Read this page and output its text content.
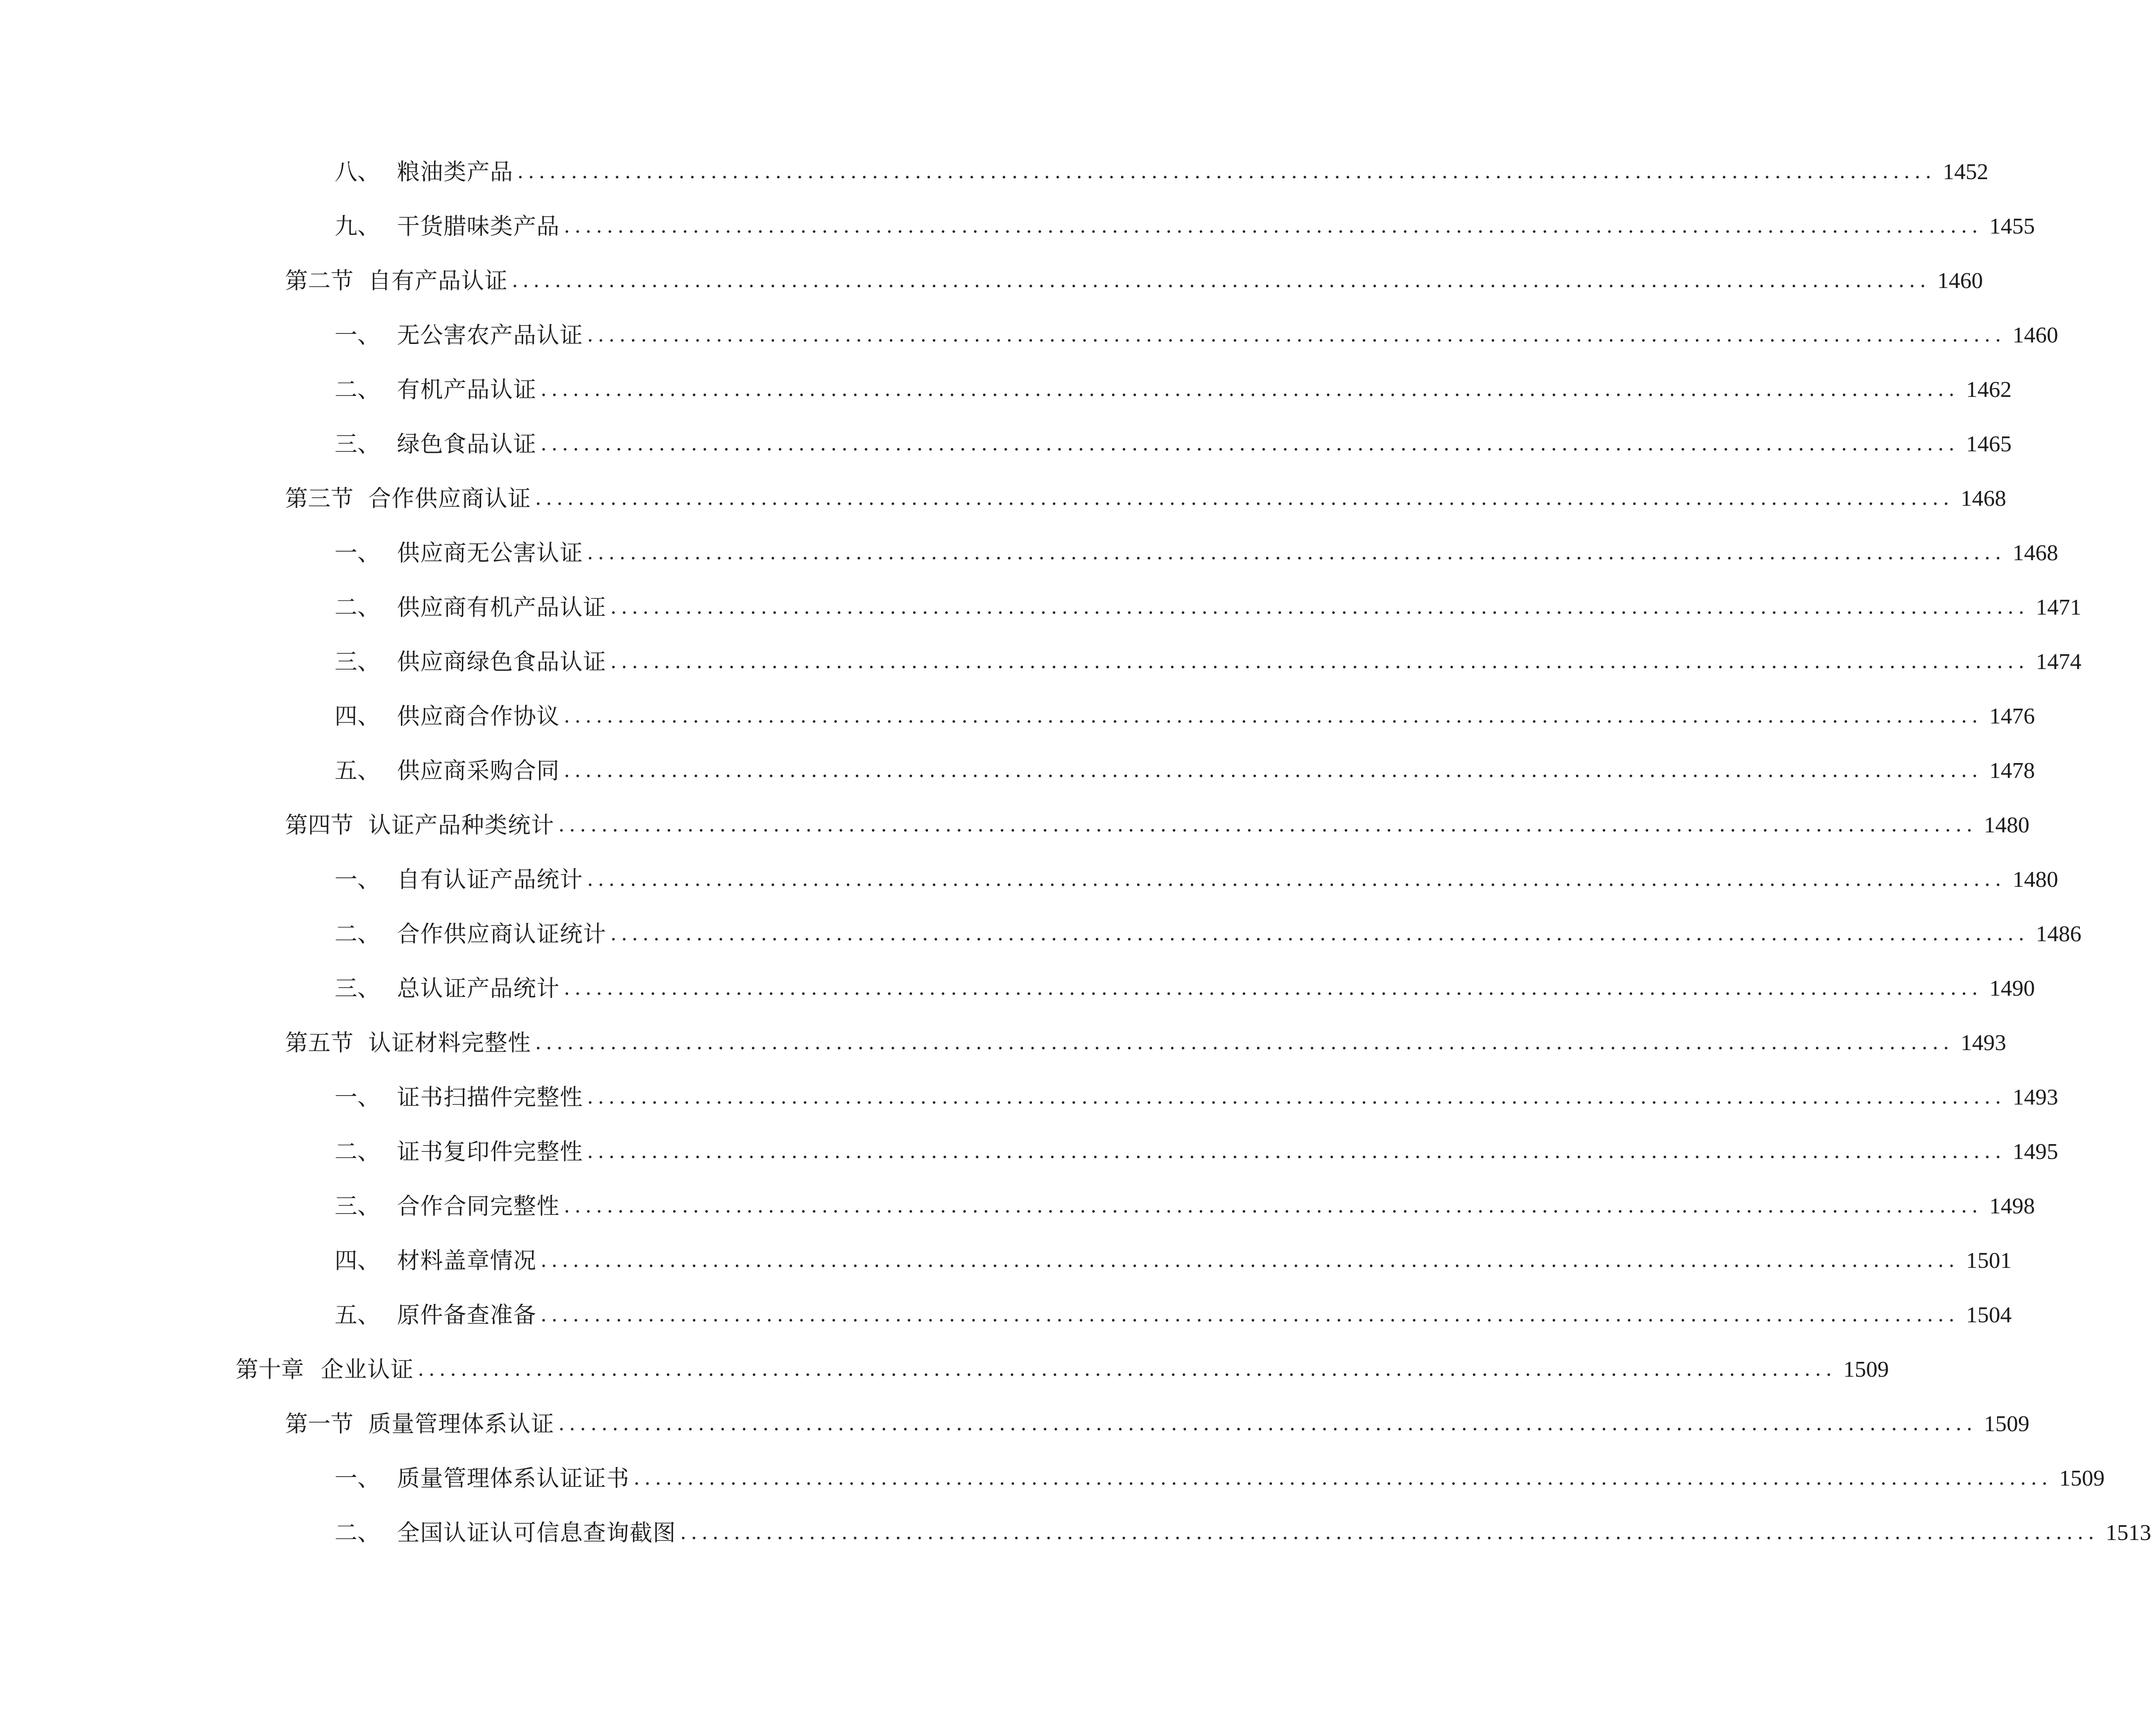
八、 粮油类产品 .................................................................................................................................... 1452
九、 干货腊味类产品 .................................................................................................................................... 1455
第二节 自有产品认证 .................................................................................................................................... 1460
一、 无公害农产品认证 .................................................................................................................................... 1460
二、 有机产品认证 .................................................................................................................................... 1462
三、 绿色食品认证 .................................................................................................................................... 1465
第三节 合作供应商认证 .................................................................................................................................... 1468
一、 供应商无公害认证 .................................................................................................................................... 1468
二、 供应商有机产品认证 .................................................................................................................................... 1471
三、 供应商绿色食品认证 .................................................................................................................................... 1474
四、 供应商合作协议 .................................................................................................................................... 1476
五、 供应商采购合同 .................................................................................................................................... 1478
第四节 认证产品种类统计 .................................................................................................................................... 1480
一、 自有认证产品统计 .................................................................................................................................... 1480
二、 合作供应商认证统计 .................................................................................................................................... 1486
三、 总认证产品统计 .................................................................................................................................... 1490
第五节 认证材料完整性 .................................................................................................................................... 1493
一、 证书扫描件完整性 .................................................................................................................................... 1493
二、 证书复印件完整性 .................................................................................................................................... 1495
三、 合作合同完整性 .................................................................................................................................... 1498
四、 材料盖章情况 .................................................................................................................................... 1501
五、 原件备查准备 .................................................................................................................................... 1504
第十章 企业认证 .................................................................................................................................... 1509
第一节 质量管理体系认证 .................................................................................................................................... 1509
一、 质量管理体系认证证书 .................................................................................................................................... 1509
二、 全国认证认可信息查询截图 .................................................................................................................................... 1513
